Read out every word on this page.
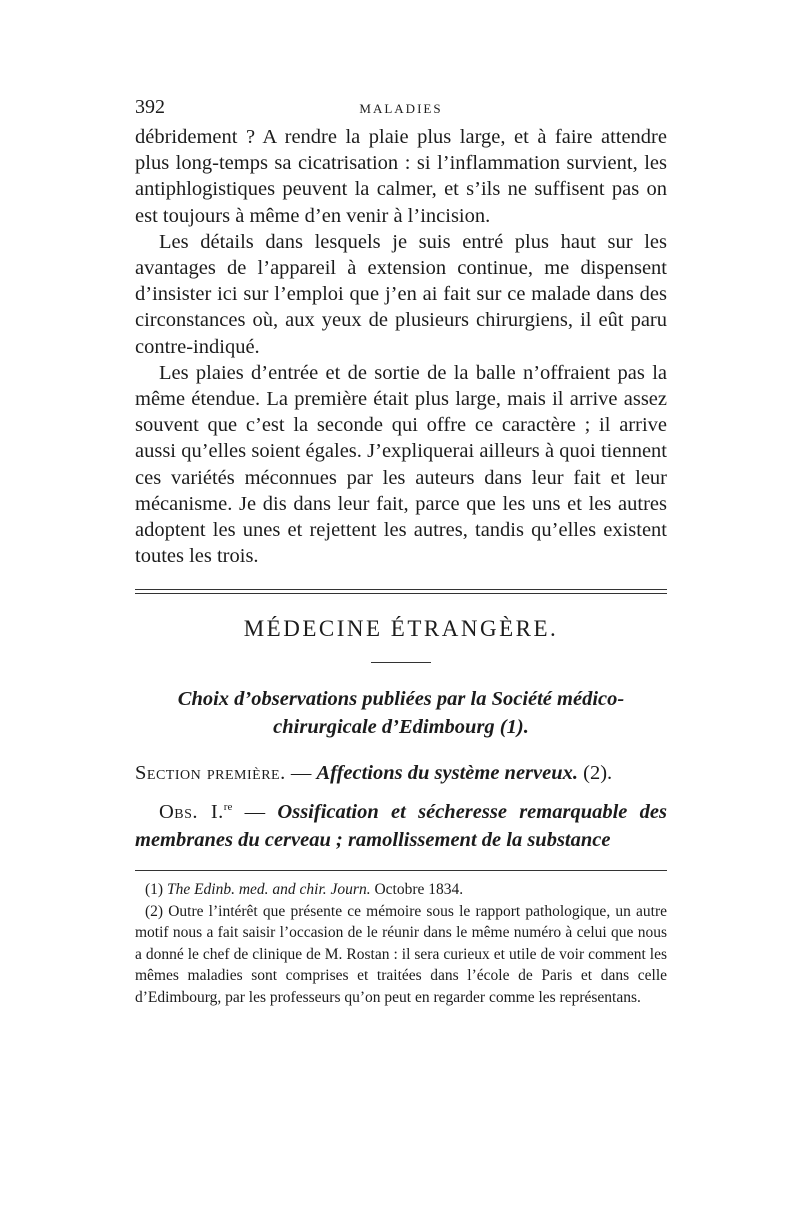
392	MALADIES

débridement ? A rendre la plaie plus large, et à faire attendre plus long-temps sa cicatrisation : si l’inflammation survient, les antiphlogistiques peuvent la calmer, et s’ils ne suffisent pas on est toujours à même d’en venir à l’incision.

Les détails dans lesquels je suis entré plus haut sur les avantages de l’appareil à extension continue, me dispensent d’insister ici sur l’emploi que j’en ai fait sur ce malade dans des circonstances où, aux yeux de plusieurs chirurgiens, il eût paru contre-indiqué.

Les plaies d’entrée et de sortie de la balle n’offraient pas la même étendue. La première était plus large, mais il arrive assez souvent que c’est la seconde qui offre ce caractère ; il arrive aussi qu’elles soient égales. J’expliquerai ailleurs à quoi tiennent ces variétés méconnues par les auteurs dans leur fait et leur mécanisme. Je dis dans leur fait, parce que les uns et les autres adoptent les unes et rejettent les autres, tandis qu’elles existent toutes les trois.

MÉDECINE ÉTRANGÈRE.
Choix d’observations publiées par la Société médico-
chirurgicale d’Edimbourg (1).
Section première. — Affections du système nerveux. (2).
Obs. I.$^{re}$ — Ossification et sécheresse remarquable des membranes du cerveau ; ramollissement de la substance

(1) The Edinb. med. and chir. Journ. Octobre 1834.

(2) Outre l’intérêt que présente ce mémoire sous le rapport pathologique, un autre motif nous a fait saisir l’occasion de le réunir dans le même numéro à celui que nous a donné le chef de clinique de M. Rostan : il sera curieux et utile de voir comment les mêmes maladies sont comprises et traitées dans l’école de Paris et dans celle d’Edimbourg, par les professeurs qu’on peut en regarder comme les représentans.
